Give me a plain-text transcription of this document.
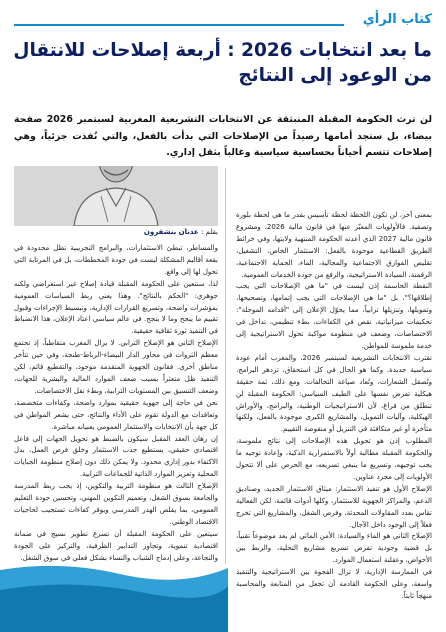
كتاب الرأي
ما بعد انتخابات 2026 : أربعة إصلاحات للانتقال من الوعود إلى النتائج

لن ترث الحكومة المقبلة المنبثقة عن الانتخابات التشريعية المغربية لسبتمبر 2026 صفحة بيضاء، بل ستجد أمامها رصيداً من الإصلاحات التي بدأت بالفعل، والتي نُفذت جزئياً، وهي إصلاحات تتسم أحياناً بحساسية سياسية وغالباً بثقل إداري.

بمعنى آخر، لن تكون اللحظة لحظة تأسيس بقدر ما هي لحظة بلورة وتصفية. فالأولويات المعبّر عنها في قانون مالية 2026، ومشروع قانون مالية 2027 الذي أعدته الحكومة المنتهية ولايتها، وفي خرائط الطريق القطاعية موجودة بالفعل: الاستثمار الخاص، التشغيل، تقليص الفوارق الاجتماعية والمجالية، الماء، الحماية الاجتماعية، الرقمنة، السيادة الاستراتيجية، والرفع من جودة الخدمات العمومية.

النقطة الحاسمة إذن ليست في "ما هي الإصلاحات التي يجب إطلاقها؟"، بل "ما هي الإصلاحات التي يجب إتمامها، وتصحيحها، وتمويلها، وتنزيلها ترابياً، مما يحوّل الإعلان إلى "أقدامه الموحلة": تحكيمات ميزانياتية، نقص في الكفاءات، بطء تنظيمي، تداخل في الاختصاصات، وضعف في منظومة مواكبة تحول الاستراتيجية إلى خدمة ملموسة للمواطن.

تقترب الانتخابات التشريعية لسبتمبر 2026، والمغرب أمام عودة سياسية جديدة. وكما هو الحال في كل استحقاق، تزدهر البرامج، وتُصقل الشعارات، وتُعاد صياغة التحالفات. ومع ذلك، ثمة حقيقة هيكلية تفرض نفسها على الطيف السياسي: الحكومة المقبلة لن تنطلق من فراغ، لأن الاستراتيجيات الوطنية، والبرامج، والأوراش الهيكلية، وآليات التمويل، والمشاريع الكبرى موجودة بالفعل، ولكنها متأخرة أو غير متكافئة في التنزيل أو منقوصة التقييم.

المطلوب إذن هو تحويل هذه الإصلاحات إلى نتائج ملموسة، والحكومة المقبلة مطالبة أولاً بالاستمرارية الذكية، وإعادة توجيه ما يجب توجيهه، وتسريع ما ينبغي تسريعه، مع الحرص على ألا تتحول الأولويات إلى مجرد عناوين.

الإصلاح الأول هو تنفيذ الاستثمار: ميثاق الاستثمار الجديد، وصناديق الدعم، والمراكز الجهوية للاستثمار، وكلها أدوات قائمة، لكن الفعالية تقاس بعدد المقاولات المحدثة، وفرص الشغل، والمشاريع التي تخرج فعلاً إلى الوجود داخل الآجال.

الإصلاح الثاني هو الماء والسيادة: الأمن المائي لم يعد موضوعاً تقنياً، بل قضية وجودية تفرض تسريع مشاريع التحلية، والربط بين الأحواض، وعقلنة استعمال الموارد.

في الممارسة الإدارية، لا تزال الفجوة بين الاستراتيجية والتنفيذ واسعة، وعلى الحكومة القادمة أن تجعل من المتابعة والمحاسبة منهجاً ثابتاً.

بقلم : عدنان بنشقرون

والمساطر، تبطئ الاستثمارات، والبرامج التجريبية تظل محدودة في بقعة أقاليم المشكلة ليست في جودة المخططات، بل في المرتابة التي تحول لها إلى واقع.

لذا، سنتعين على الحكومة المقبلة قيادة إصلاح غير استعراضي ولكنه جوهري: "الحكم بالنتائج". وهذا يعني ربط السياسات العمومية بمؤشرات واضحة، وتسريع القرارات الإدارية، وتبسيط الإجراءات وقبول تقييم ما ينجح وما لا ينجح. في عالم سياسي اعتاد الإعلان، هذا الانضباط في التنفيذ ثورة ثقافية حقيقية.

الإصلاح الثاني هو الإصلاح الترابي. لا يزال المغرب متقاطباً، إذ تجتمع معظم الثروات في محاور الدار البيضاء-الرباط-طنجة، وفي حين تتأخر مناطق أخرى. فقانون الجهوية المتقدمة موجود، والتقطيع قائم، لكن التنفيذ ظل متعثراً بسبب ضعف الموارد المالية والبشرية للجهات، وضعف التنسيق بين المستويات الترابية، وبطء نقل الاختصاصات.

نحن في حاجة إلى جهوية حقيقية بموارد واضحة، وكفاءات متخصصة، وتعاقدات مع الدولة تقوم على الأداء والنتائج، حتى يشعر المواطن في كل جهة بأن الانتخابات والاستثمار العمومي يعنيانه مباشرة.

إن رهان العقد المقبل سيكون بالضبط هو تحويل الجهات إلى فاعل اقتصادي حقيقي، يستطيع جذب الاستثمار وخلق فرص العمل، بدل الاكتفاء بدور إداري محدود. ولا يمكن ذلك دون إصلاح منظومة الجبايات المحلية وتعزيز الموارد الذاتية للجماعات الترابية.

الإصلاح الثالث هو منظومة التربية والتكوين، إذ يجب ربط المدرسة والجامعة بسوق الشغل، وتعميم التكوين المهني، وتحسين جودة التعليم العمومي، بما يقلص الهدر المدرسي ويوفر كفاءات تستجيب لحاجيات الاقتصاد الوطني.

سيتعين على الحكومة المقبلة أن تسرع تطوير نسيج في ضمانة اقتصادية تنموية، وتجاوز التدابير الظرفية، والتركيز على الجودة والنجاعة، وعلى إدماج الشباب والنساء بشكل فعلي في سوق الشغل.
